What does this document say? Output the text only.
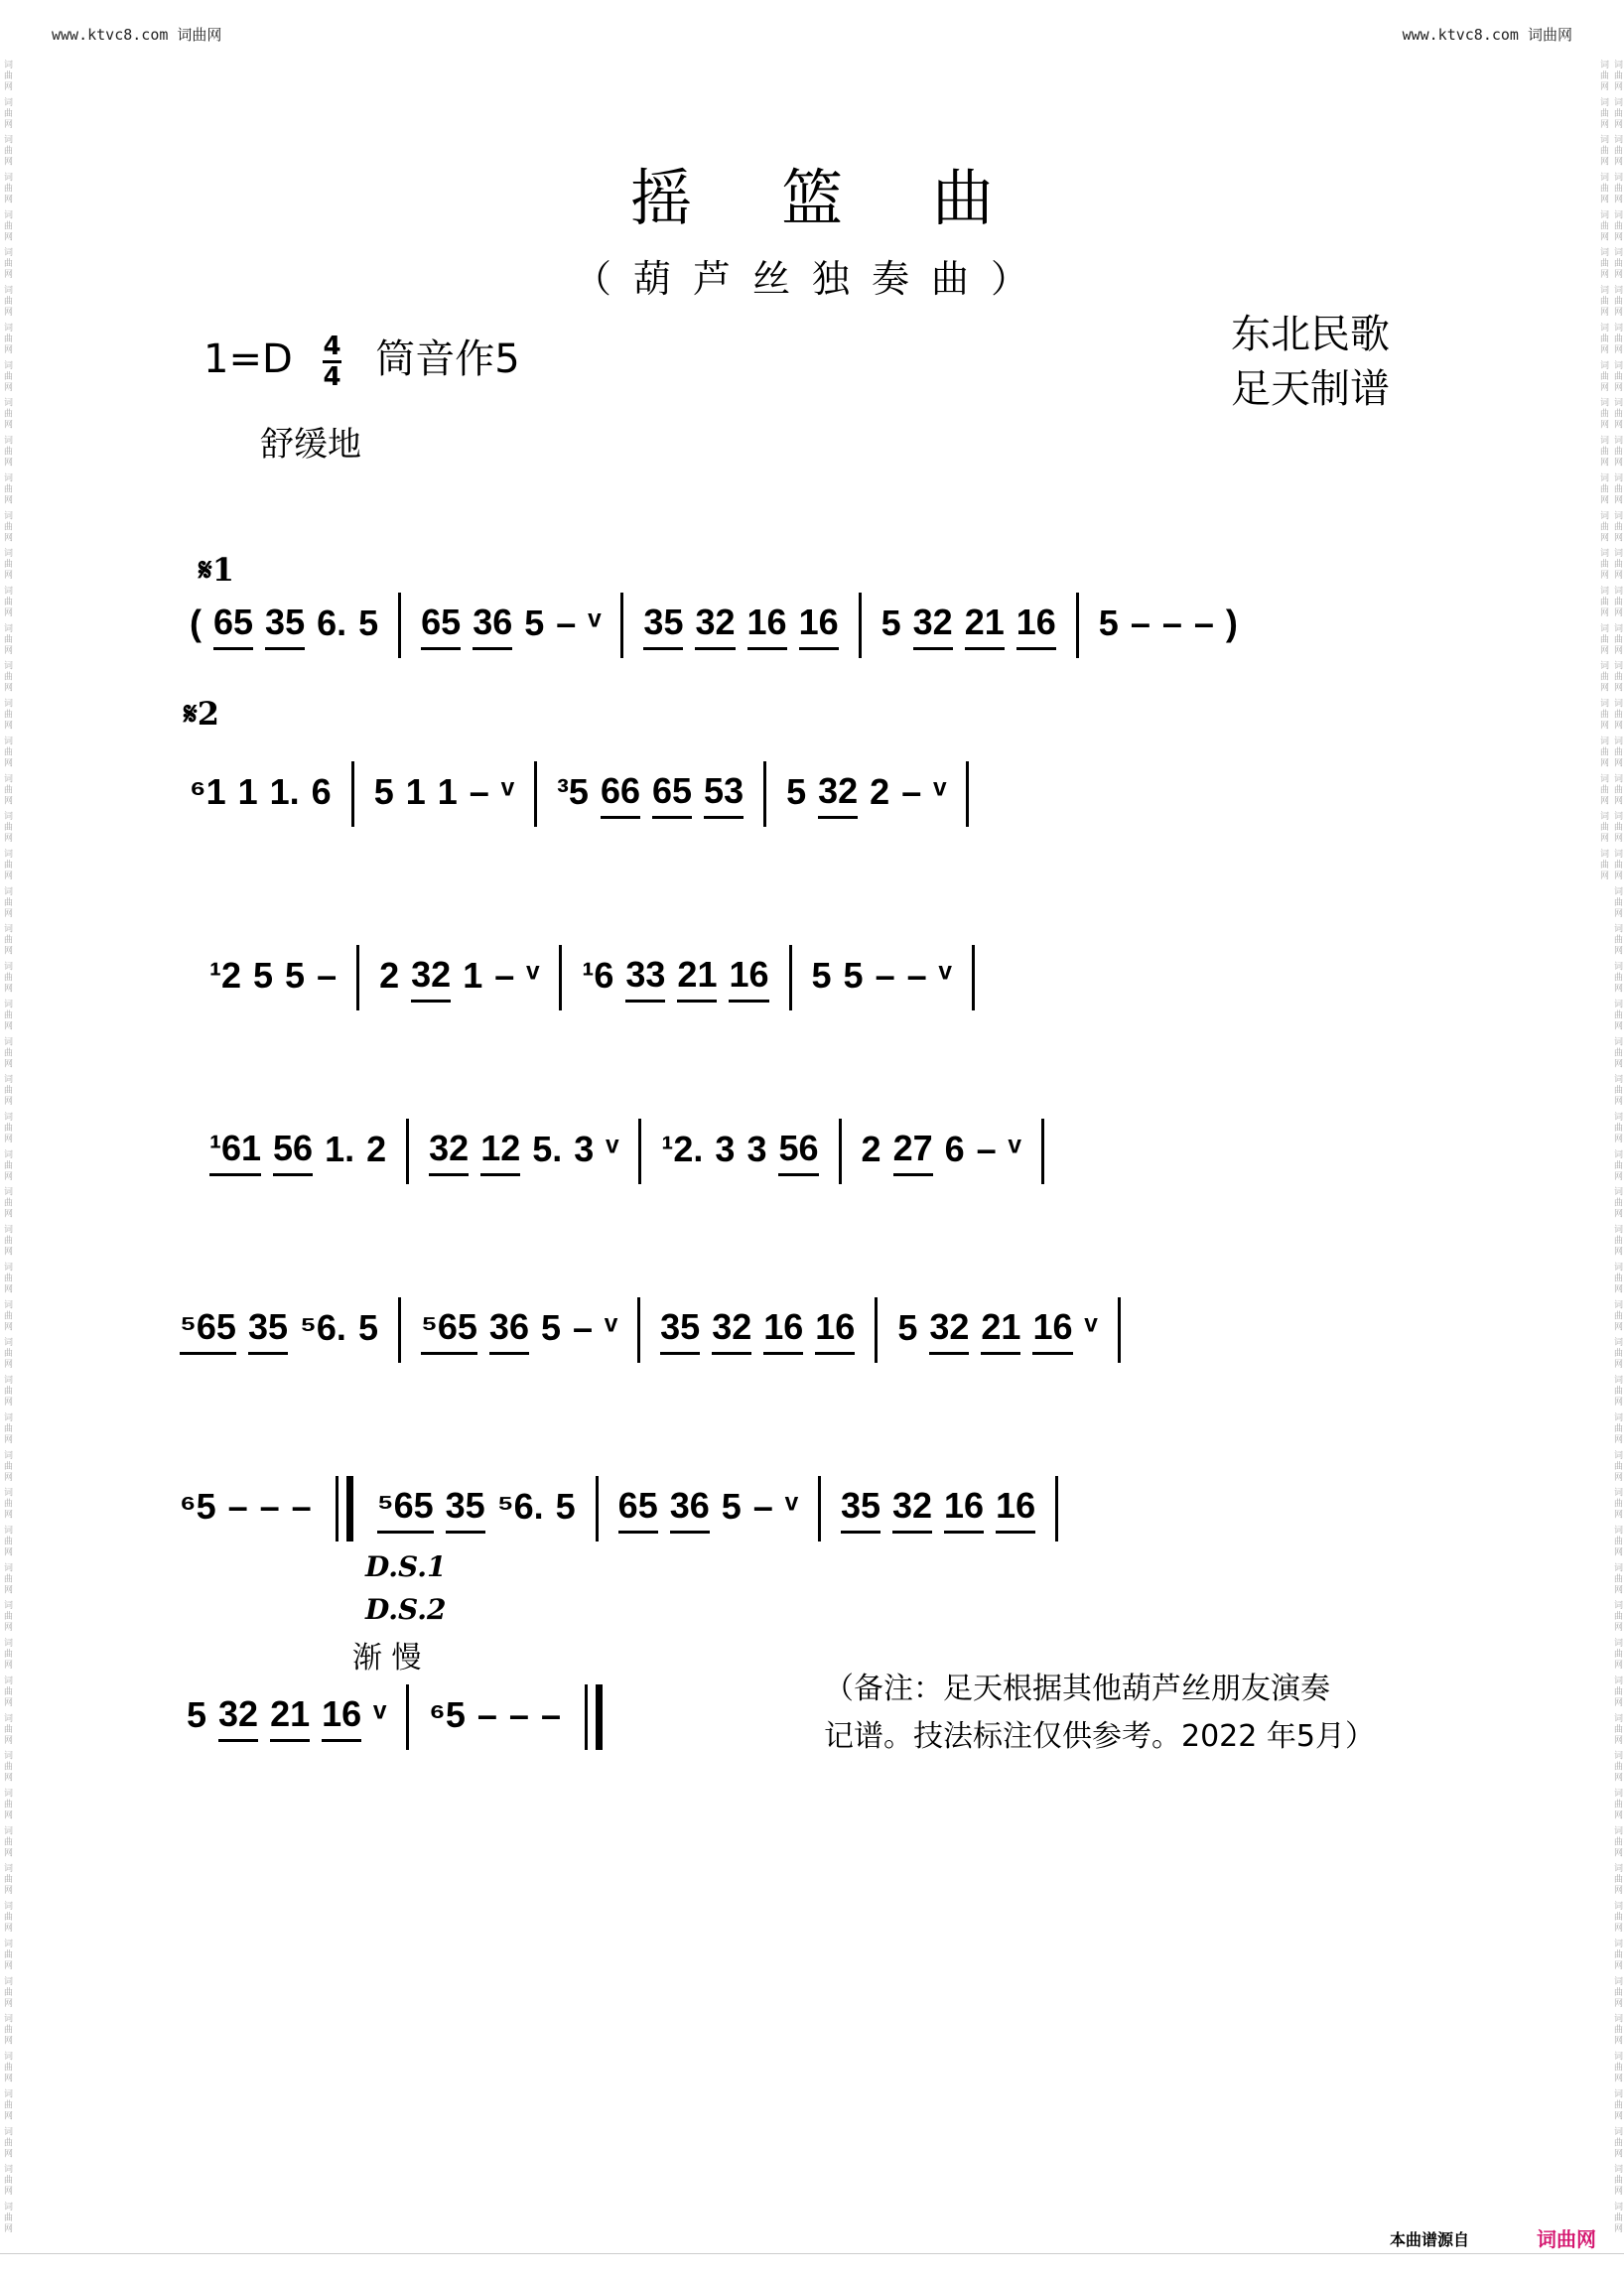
www.ktvc8.com 词曲网	www.ktvc8.com 词曲网
词曲网 词曲网 词曲网 词曲网 词曲网 词曲网 词曲网 词曲网 词曲网 词曲网 词曲网 词曲网 词曲网 词曲网 词曲网 词曲网 词曲网 词曲网 词曲网 词曲网 词曲网 词曲网 词曲网 词曲网 词曲网 词曲网 词曲网 词曲网 词曲网 词曲网 词曲网 词曲网 词曲网 词曲网 词曲网 词曲网 词曲网 词曲网 词曲网 词曲网 词曲网 词曲网 词曲网 词曲网 词曲网 词曲网 词曲网 词曲网 词曲网 词曲网 词曲网 词曲网 词曲网 词曲网 词曲网 词曲网 词曲网 词曲网	词曲网 词曲网 词曲网 词曲网 词曲网 词曲网 词曲网 词曲网 词曲网 词曲网 词曲网 词曲网 词曲网 词曲网 词曲网 词曲网 词曲网 词曲网 词曲网 词曲网 词曲网 词曲网 词曲网 词曲网 词曲网 词曲网 词曲网 词曲网 词曲网 词曲网 词曲网 词曲网 词曲网 词曲网 词曲网 词曲网 词曲网 词曲网 词曲网 词曲网 词曲网 词曲网 词曲网 词曲网 词曲网 词曲网 词曲网 词曲网 词曲网 词曲网 词曲网 词曲网 词曲网 词曲网 词曲网 词曲网 词曲网 词曲网 词曲网 词曲网 词曲网 词曲网 词曲网 词曲网 词曲网 词曲网 词曲网 词曲网 词曲网 词曲网 词曲网 词曲网 词曲网 词曲网 词曲网 词曲网 词曲网 词曲网 词曲网 词曲网
摇篮曲
（葫芦丝独奏曲）
$1=D \frac{4}{4}$ 筒音作5
东北民歌
足天制谱
舒缓地
𝄋1
𝄋2
( 65 35 6. 5 65 36 5 – ᵛ 35 32 16 16 5 32 21 16 5 – – – )
⁶1 1 1. 6 5 1 1 – ᵛ ³5 66 65 53 5 32 2 – ᵛ
¹2 5 5 – 2 32 1 – ᵛ ¹6 33 21 16 5 5 – – ᵛ
¹61 56 1. 2 32 12 5. 3 ᵛ ¹2. 3 3 56 2 27 6 – ᵛ
⁵65 35 ⁵6. 5 ⁵65 36 5 – ᵛ 35 32 16 16 5 32 21 16 ᵛ
⁶5 – – – ⁵65 35 ⁵6. 5 65 36 5 – ᵛ 35 32 16 16
5 32 21 16 ᵛ ⁶5 – – –
D.S.1
D.S.2
渐 慢
（备注：足天根据其他葫芦丝朋友演奏
记谱。技法标注仅供参考。2022 年5月）
本曲谱源自	词曲网
